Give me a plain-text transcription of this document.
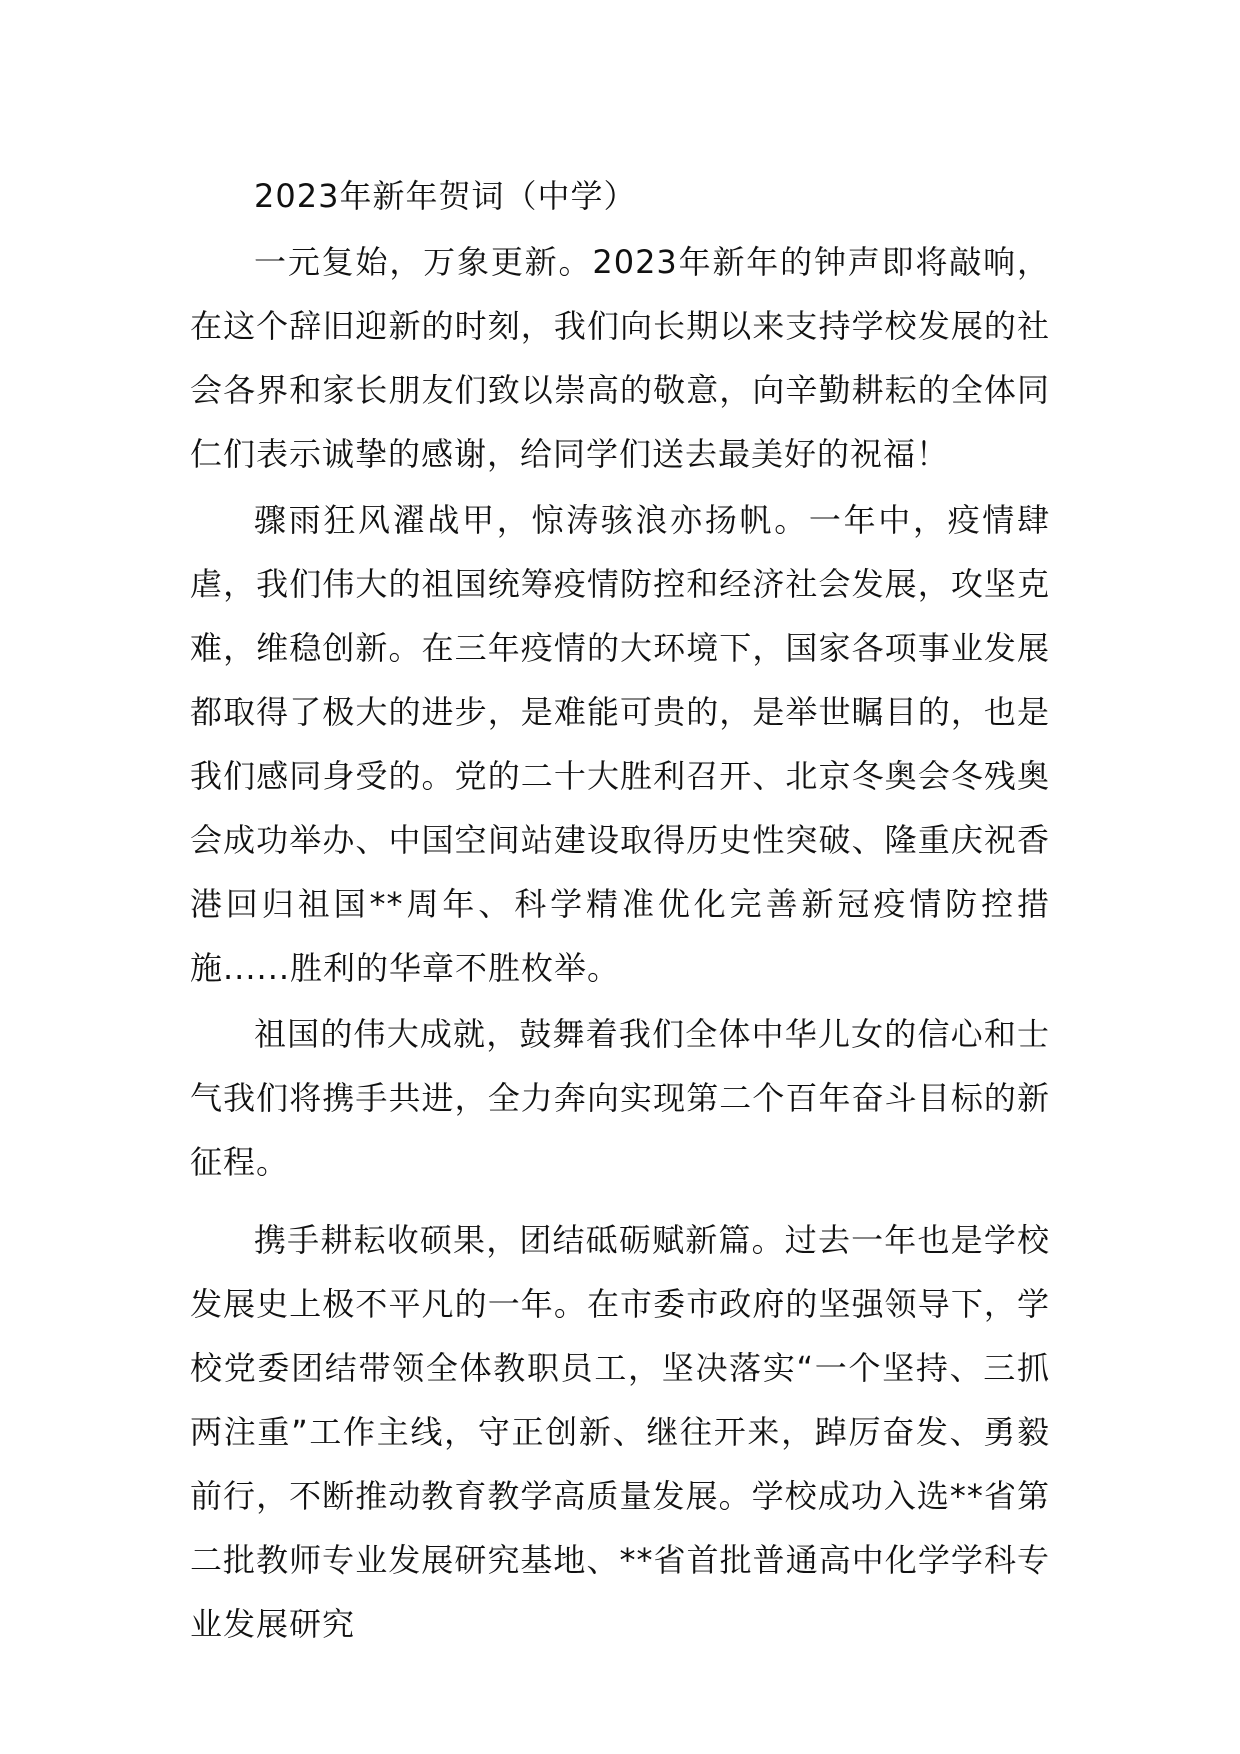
2023年新年贺词（中学）

一元复始，万象更新。2023年新年的钟声即将敲响，在这个辞旧迎新的时刻，我们向长期以来支持学校发展的社会各界和家长朋友们致以崇高的敬意，向辛勤耕耘的全体同仁们表示诚挚的感谢，给同学们送去最美好的祝福！

骤雨狂风濯战甲，惊涛骇浪亦扬帆。一年中，疫情肆虐，我们伟大的祖国统筹疫情防控和经济社会发展，攻坚克难，维稳创新。在三年疫情的大环境下，国家各项事业发展都取得了极大的进步，是难能可贵的，是举世瞩目的，也是我们感同身受的。党的二十大胜利召开、北京冬奥会冬残奥会成功举办、中国空间站建设取得历史性突破、隆重庆祝香港回归祖国**周年、科学精准优化完善新冠疫情防控措施......胜利的华章不胜枚举。

祖国的伟大成就，鼓舞着我们全体中华儿女的信心和士气我们将携手共进，全力奔向实现第二个百年奋斗目标的新征程。

携手耕耘收硕果，团结砥砺赋新篇。过去一年也是学校发展史上极不平凡的一年。在市委市政府的坚强领导下，学校党委团结带领全体教职员工，坚决落实“一个坚持、三抓两注重”工作主线，守正创新、继往开来，踔厉奋发、勇毅前行，不断推动教育教学高质量发展。学校成功入选**省第二批教师专业发展研究基地、**省首批普通高中化学学科专业发展研究
